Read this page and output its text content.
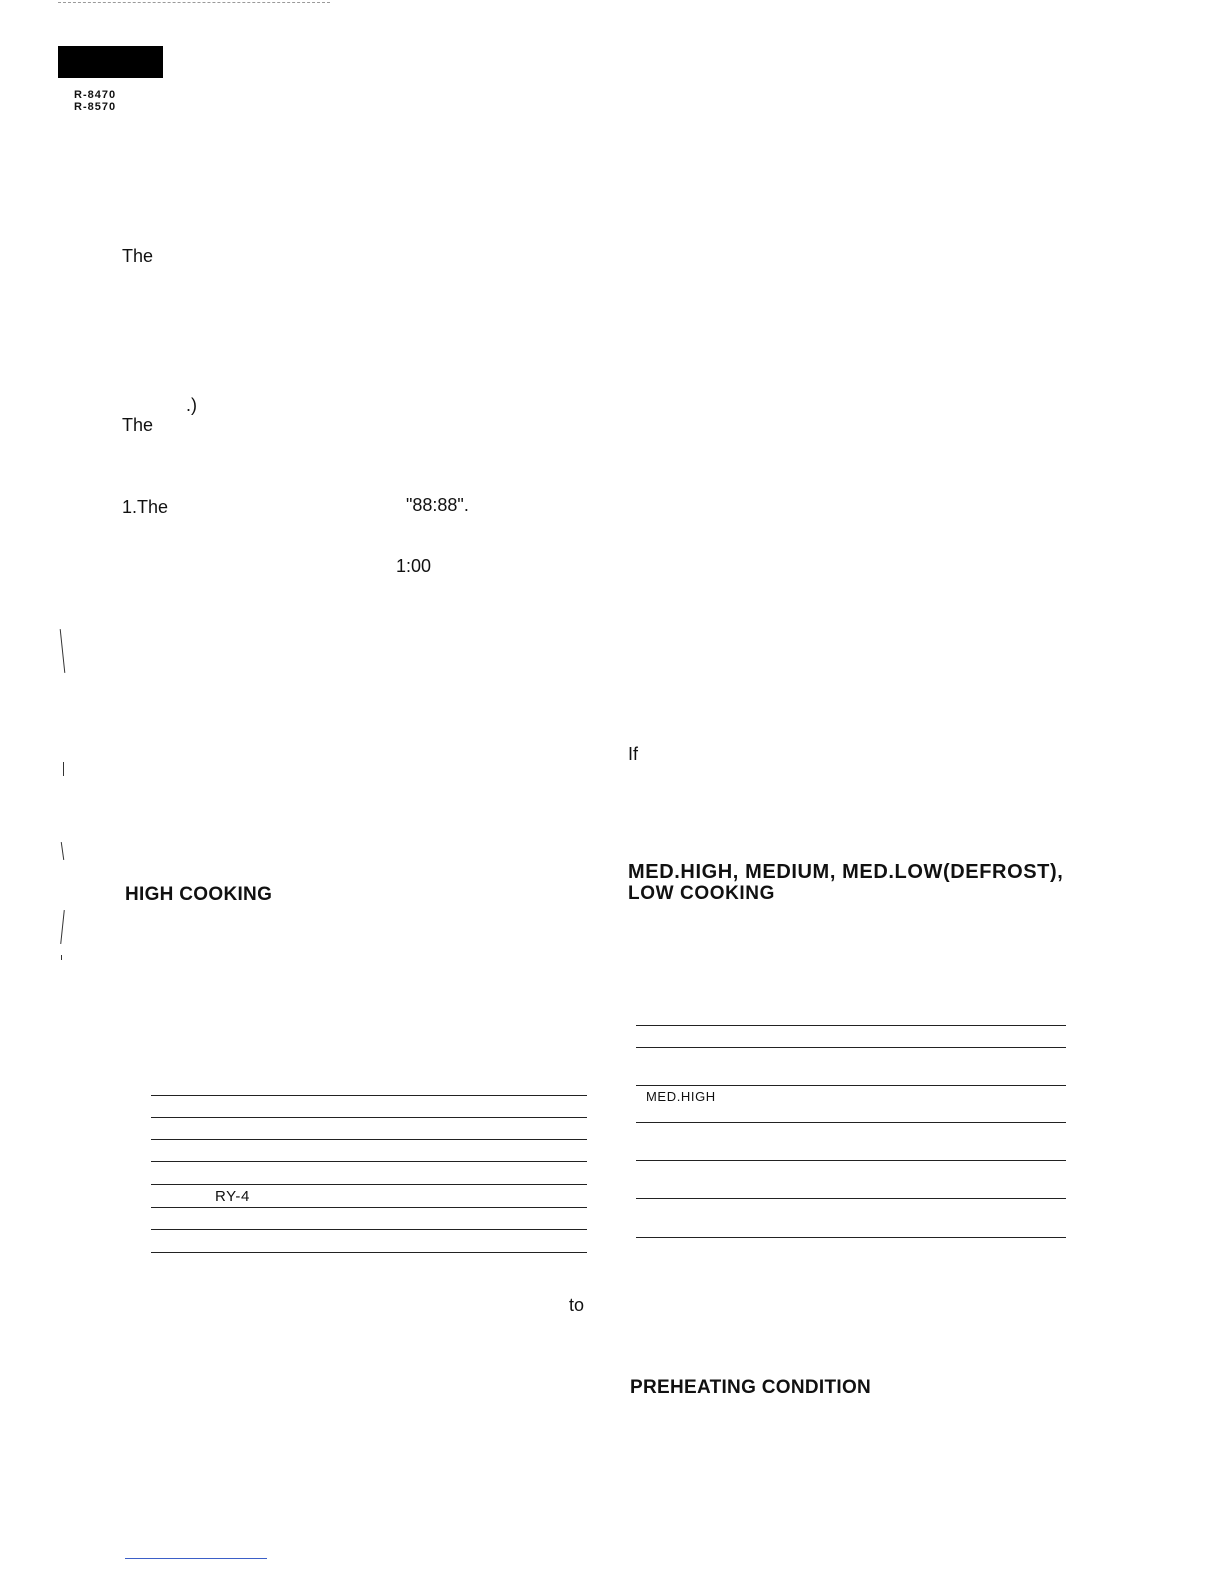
R-8470
R-8570
The
.)
The
1.The	"88:88".
1:00
HIGH COOKING
RY-4
to
If
MED.HIGH, MEDIUM, MED.LOW(DEFROST),
LOW COOKING
MED.HIGH
PREHEATING CONDITION
